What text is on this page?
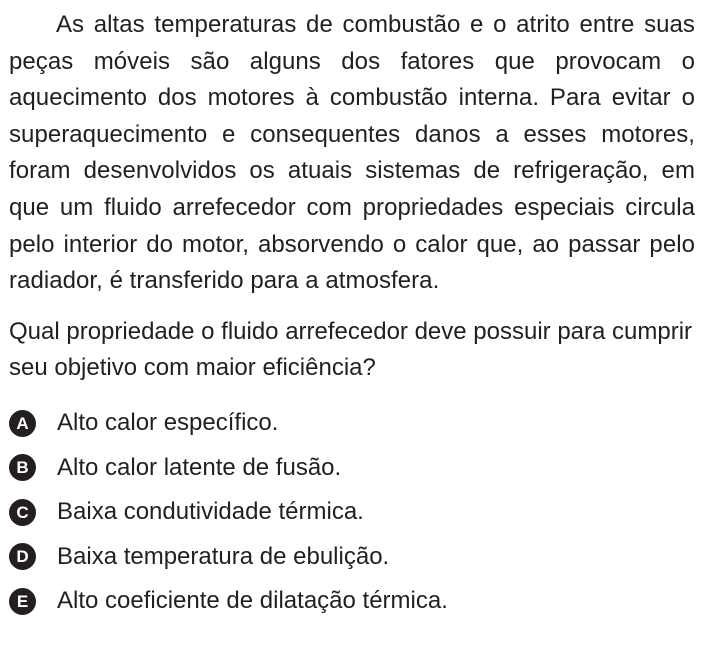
As altas temperaturas de combustão e o atrito entre suas peças móveis são alguns dos fatores que provocam o aquecimento dos motores à combustão interna. Para evitar o superaquecimento e consequentes danos a esses motores, foram desenvolvidos os atuais sistemas de refrigeração, em que um fluido arrefecedor com propriedades especiais circula pelo interior do motor, absorvendo o calor que, ao passar pelo radiador, é transferido para a atmosfera.

Qual propriedade o fluido arrefecedor deve possuir para cumprir seu objetivo com maior eficiência?

A	Alto calor específico.
B	Alto calor latente de fusão.
C	Baixa condutividade térmica.
D	Baixa temperatura de ebulição.
E	Alto coeficiente de dilatação térmica.
